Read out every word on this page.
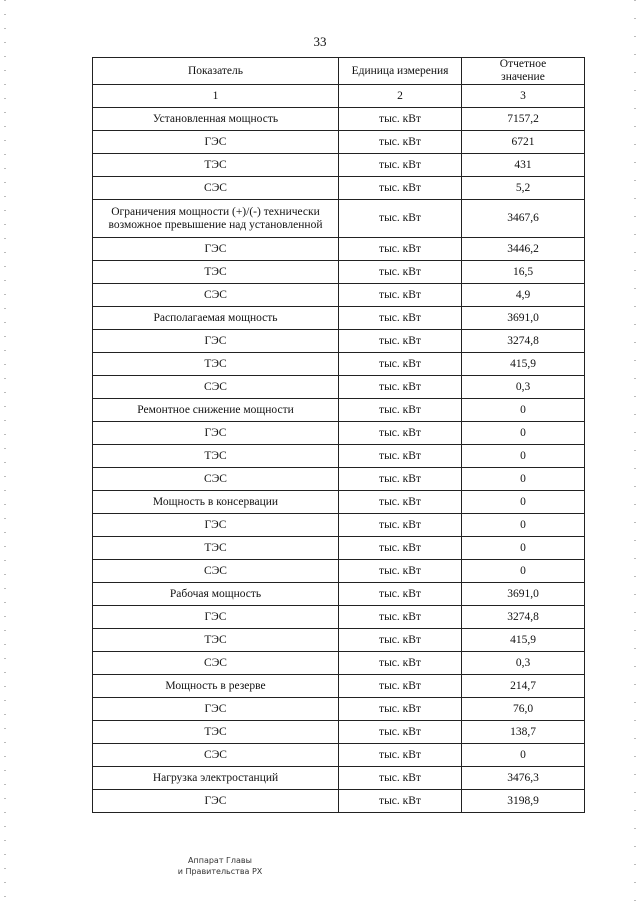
33
Показатель	Единица измерения	Отчетное значение
1	2	3
Установленная мощность	тыс. кВт	7157,2
ГЭС	тыс. кВт	6721
ТЭС	тыс. кВт	431
СЭС	тыс. кВт	5,2
Ограничения мощности (+)/(-) технически возможное превышение над установленной	тыс. кВт	3467,6
ГЭС	тыс. кВт	3446,2
ТЭС	тыс. кВт	16,5
СЭС	тыс. кВт	4,9
Располагаемая мощность	тыс. кВт	3691,0
ГЭС	тыс. кВт	3274,8
ТЭС	тыс. кВт	415,9
СЭС	тыс. кВт	0,3
Ремонтное снижение мощности	тыс. кВт	0
ГЭС	тыс. кВт	0
ТЭС	тыс. кВт	0
СЭС	тыс. кВт	0
Мощность в консервации	тыс. кВт	0
ГЭС	тыс. кВт	0
ТЭС	тыс. кВт	0
СЭС	тыс. кВт	0
Рабочая мощность	тыс. кВт	3691,0
ГЭС	тыс. кВт	3274,8
ТЭС	тыс. кВт	415,9
СЭС	тыс. кВт	0,3
Мощность в резерве	тыс. кВт	214,7
ГЭС	тыс. кВт	76,0
ТЭС	тыс. кВт	138,7
СЭС	тыс. кВт	0
Нагрузка электростанций	тыс. кВт	3476,3
ГЭС	тыс. кВт	3198,9
Аппарат Главы
и Правительства РХ
